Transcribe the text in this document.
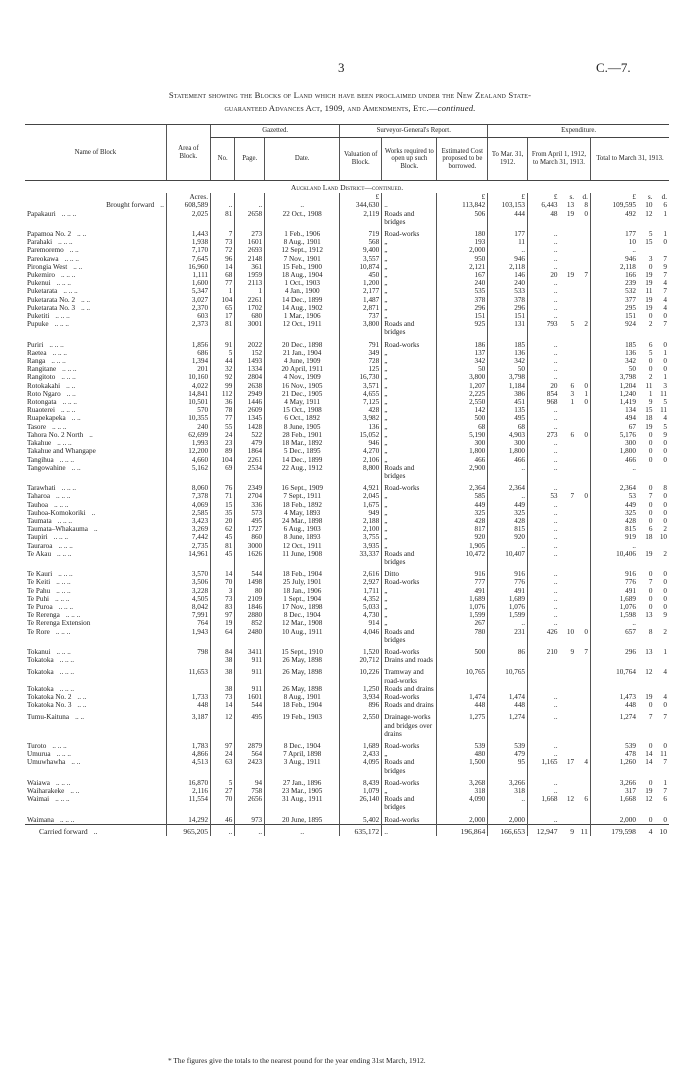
3	C.—7.
Statement showing the Blocks of Land which have been proclaimed under the New Zealand State-
guaranteed Advances Act, 1909, and Amendments, Etc.—continued.
Name of Block	Area of Block.	Gazetted.			Surveyor-General's Report.			Expenditure.						
		No.	Page.	Date.	Valuation of Block.	Works required to open up such Block.	Estimated Cost proposed to be borrowed.	To Mar. 31, 1912.	From April 1, 1912, to March 31, 1913.			Total to March 31, 1913.		
Auckland Land District—continued.														
	Acres.				£		£	£	£	s.	d.	£	s.	d.
Brought forward ..	608,589	..	..	..	344,630	..	113,842	103,153	6,443	13	8	109,595	10	6
Papakauri .. .. ..	2,025	81	2658	22 Oct., 1908	2,119	Roads and bridges	506	444	48	19	0	492	12	1
Papamoa No. 2 .. ..	1,443	7	273	1 Feb., 1906	719	Road-works	180	177	..			177	5	1
Parahaki .. .. ..	1,938	73	1601	8 Aug., 1901	568	„	193	11	..			10	15	0
Paremoremo .. ..	7,170	72	2693	12 Sept., 1912	9,400	„	2,000	..	..			..		
Pareokawa .. .. ..	7,645	96	2148	7 Nov., 1901	3,557	„	950	946	..			946	3	7
Pirongia West .. ..	16,960	14	361	15 Feb., 1900	10,874	„	2,121	2,118	..			2,118	0	9
Pukemiro .. .. ..	1,111	68	1959	18 Aug., 1904	450	„	167	146	20	19	7	166	19	7
Pukenui .. .. ..	1,600	77	2113	1 Oct., 1903	1,200	„	240	240	..			239	19	4
Puketarata .. .. ..	5,347	1	1	4 Jan., 1900	2,177	„	535	533	..			532	11	7
Puketarata No. 2 .. ..	3,027	104	2261	14 Dec., 1899	1,487	„	378	378	..			377	19	4
Puketarata No. 3 .. ..	2,370	65	1702	14 Aug., 1902	2,871	„	296	296	..			295	19	4
Puketiti .. .. ..	603	17	680	1 Mar., 1906	737	„	151	151	..			151	0	0
Pupuke .. .. ..	2,373	81	3001	12 Oct., 1911	3,800	Roads and bridges	925	131	793	5	2	924	2	7
Puriri .. .. ..	1,856	91	2022	20 Dec., 1898	791	Road-works	186	185	..			185	6	0
Raetea .. .. ..	686	5	152	21 Jan., 1904	349	„	137	136	..			136	5	1
Ranga .. .. ..	1,394	44	1493	4 June, 1909	728	„	342	342	..			342	0	0
Rangitane .. .. ..	201	32	1334	20 April, 1911	125	„	50	50	..			50	0	0
Rangitoto .. .. ..	10,160	92	2804	4 Nov., 1909	16,730	„	3,800	3,798	..			3,798	2	1
Rotokakahi .. ..	4,022	99	2638	16 Nov., 1905	3,571	„	1,207	1,184	20	6	0	1,204	11	3
Roto Ngaro .. ..	14,841	112	2949	21 Dec., 1905	4,655	„	2,225	386	854	3	1	1,240	1	11
Rotongata .. .. ..	10,501	36	1446	4 May, 1911	7,125	„	2,550	451	968	1	0	1,419	9	5
Ruaoterei .. .. ..	570	78	2609	15 Oct., 1908	428	„	142	135	..			134	15	11
Ruapekapeka .. ..	10,355	77	1345	6 Oct., 1892	3,982	„	500	495	..			494	18	4
Tasore .. .. ..	240	55	1428	8 June, 1905	136	„	68	68	..			67	19	5
Tahora No. 2 North ..	62,699	24	522	28 Feb., 1901	15,052	„	5,190	4,903	273	6	0	5,176	0	9
Takahue .. .. ..	1,993	23	479	18 Mar., 1892	946	„	300	300	..			300	0	0
Takahue and Whangape	12,200	89	1864	5 Dec., 1895	4,270	„	1,800	1,800	..			1,800	0	0
Tangihua .. .. ..	4,660	104	2261	14 Dec., 1899	2,106	„	466	466	..			466	0	0
Tangowahine .. ..	5,162	69	2534	22 Aug., 1912	8,800	Roads and bridges	2,900	..	..			..		
Tarawhati .. .. ..	8,060	76	2349	16 Sept., 1909	4,921	Road-works	2,364	2,364	..			2,364	0	8
Taharoa .. .. ..	7,378	71	2704	7 Sept., 1911	2,045	„	585	..	53	7	0	53	7	0
Tauhoa .. .. ..	4,069	15	336	18 Feb., 1892	1,675	„	449	449	..			449	0	0
Tauhoa-Komokoriki ..	2,585	35	573	4 May, 1893	949	„	325	325	..			325	0	0
Taumata .. .. ..	3,423	20	495	24 Mar., 1898	2,188	„	428	428	..			428	0	0
Taumata–Whakauma ..	3,269	62	1727	6 Aug., 1903	2,100	„	817	815	..			815	6	2
Taupiri .. .. ..	7,442	45	860	8 June, 1893	3,755	„	920	920	..			919	18	10
Tauraroa .. .. ..	2,735	81	3000	12 Oct., 1911	3,935	„	1,905	..	..			..		
Te Akau .. .. ..	14,961	45	1626	11 June, 1908	33,337	Roads and bridges	10,472	10,407	..			10,406	19	2
Te Kauri .. .. ..	3,570	14	544	18 Feb., 1904	2,616	Ditto	916	916	..			916	0	0
Te Keiti .. .. ..	3,506	70	1498	25 July, 1901	2,927	Road-works	777	776	..			776	7	0
Te Pahu .. .. ..	3,228	3	80	18 Jan., 1906	1,711	„	491	491	..			491	0	0
Te Puhi .. .. ..	4,505	73	2109	1 Sept., 1904	4,352	„	1,689	1,689	..			1,689	0	0
Te Puroa .. .. ..	8,042	83	1846	17 Nov., 1898	5,033	„	1,076	1,076	..			1,076	0	0
Te Rerenga .. .. ..	7,991	97	2880	8 Dec., 1904	4,730	„	1,599	1,599	..			1,598	13	9
Te Rerenga Extension	764	19	852	12 Mar., 1908	914	„	267	..	..			..		
Te Rore .. .. ..	1,943	64	2480	10 Aug., 1911	4,046	Roads and bridges	780	231	426	10	0	657	8	2
Tokanui .. .. ..	798	84	3411	15 Sept., 1910	1,520	Road-works	500	86	210	9	7	296	13	1
Tokatoka .. .. ..		38	911	26 May, 1898	20,712	Drains and roads								
Tokatoka .. .. ..	11,653	38	911	26 May, 1898	10,226	Tramway and road-works	10,765	10,765				10,764	12	4
Tokatoka .. .. ..		38	911	26 May, 1898	1,250	Roads and drains								
Tokatoka No. 2 .. ..	1,733	73	1601	8 Aug., 1901	3,934	Road-works	1,474	1,474	..			1,473	19	4
Tokatoka No. 3 .. ..	448	14	544	18 Feb., 1904	896	Roads and drains	448	448	..			448	0	0
Tumu-Kaituna .. ..	3,187	12	495	19 Feb., 1903	2,550	Drainage-works and bridges over drains	1,275	1,274	..			1,274	7	7
Turoto .. .. ..	1,783	97	2879	8 Dec., 1904	1,689	Road-works	539	539	..			539	0	0
Umurua .. .. ..	4,866	24	564	7 April, 1898	2,433	„	480	479	..			478	14	11
Umuwhawha .. ..	4,513	63	2423	3 Aug., 1911	4,095	Roads and bridges	1,500	95	1,165	17	4	1,260	14	7
Waiawa .. .. ..	16,870	5	94	27 Jan., 1896	8,439	Road-works	3,268	3,266	..			3,266	0	1
Waiharakeke .. ..	2,116	27	758	23 Mar., 1905	1,079	„	318	318	..			317	19	7
Waimai .. .. ..	11,554	70	2656	31 Aug., 1911	26,140	Roads and bridges	4,090	..	1,668	12	6	1,668	12	6
Waimana .. .. ..	14,292	46	973	20 June, 1895	5,402	Road-works	2,000	2,000	..			2,000	0	0
Carried forward ..	965,205	..	..	..	635,172	..	196,864	166,653	12,947	9	11	179,598	4	10
* The figures give the totals to the nearest pound for the year ending 31st March, 1912.
